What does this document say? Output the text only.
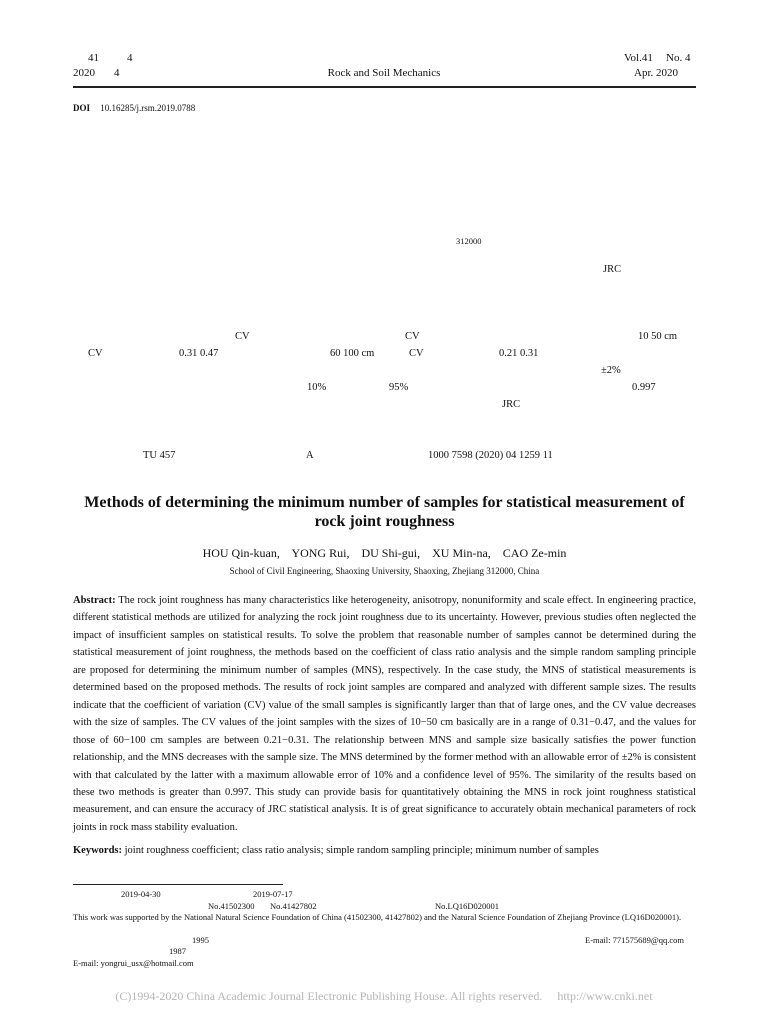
41	4
2020 4	Rock and Soil Mechanics
Vol.41 No. 4
Apr. 2020
DOI 10.16285/j.rsm.2019.0788
312000
JRC
CV	CV	10 50 cm
CV	0.31 0.47	60 100 cm	CV	0.21 0.31
±2%
10%	95%	0.997
JRC
TU 457	A	1000 7598 (2020) 04 1259 11
Methods of determining the minimum number of samples for statistical measurement of rock joint roughness
HOU Qin-kuan,    YONG Rui,    DU Shi-gui,    XU Min-na,    CAO Ze-min
School of Civil Engineering, Shaoxing University, Shaoxing, Zhejiang 312000, China
Abstract: The rock joint roughness has many characteristics like heterogeneity, anisotropy, nonuniformity and scale effect. In engineering practice, different statistical methods are utilized for analyzing the rock joint roughness due to its uncertainty. However, previous studies often neglected the impact of insufficient samples on statistical results. To solve the problem that reasonable number of samples cannot be determined during the statistical measurement of joint roughness, the methods based on the coefficient of class ratio analysis and the simple random sampling principle are proposed for determining the minimum number of samples (MNS), respectively. In the case study, the MNS of statistical measurements is determined based on the proposed methods. The results of rock joint samples are compared and analyzed with different sample sizes. The results indicate that the coefficient of variation (CV) value of the small samples is significantly larger than that of large ones, and the CV value decreases with the size of samples. The CV values of the joint samples with the sizes of 10−50 cm basically are in a range of 0.31−0.47, and the values for those of 60−100 cm samples are between 0.21−0.31. The relationship between MNS and sample size basically satisfies the power function relationship, and the MNS decreases with the sample size. The MNS determined by the former method with an allowable error of ±2% is consistent with that calculated by the latter with a maximum allowable error of 10% and a confidence level of 95%. The similarity of the results based on these two methods is greater than 0.997. This study can provide basis for quantitatively obtaining the MNS in rock joint roughness statistical measurement, and can ensure the accuracy of JRC statistical analysis. It is of great significance to accurately obtain mechanical parameters of rock joints in rock mass stability evaluation.
Keywords: joint roughness coefficient; class ratio analysis; simple random sampling principle; minimum number of samples
2019-04-30	2019-07-17
No.41502300 No.41427802	No.LQ16D020001
This work was supported by the National Natural Science Foundation of China (41502300, 41427802) and the Natural Science Foundation of Zhejiang Province (LQ16D020001).
1995	E-mail: 771575689@qq.com
1987
E-mail: yongrui_usx@hotmail.com
(C)1994-2020 China Academic Journal Electronic Publishing House. All rights reserved.     http://www.cnki.net
